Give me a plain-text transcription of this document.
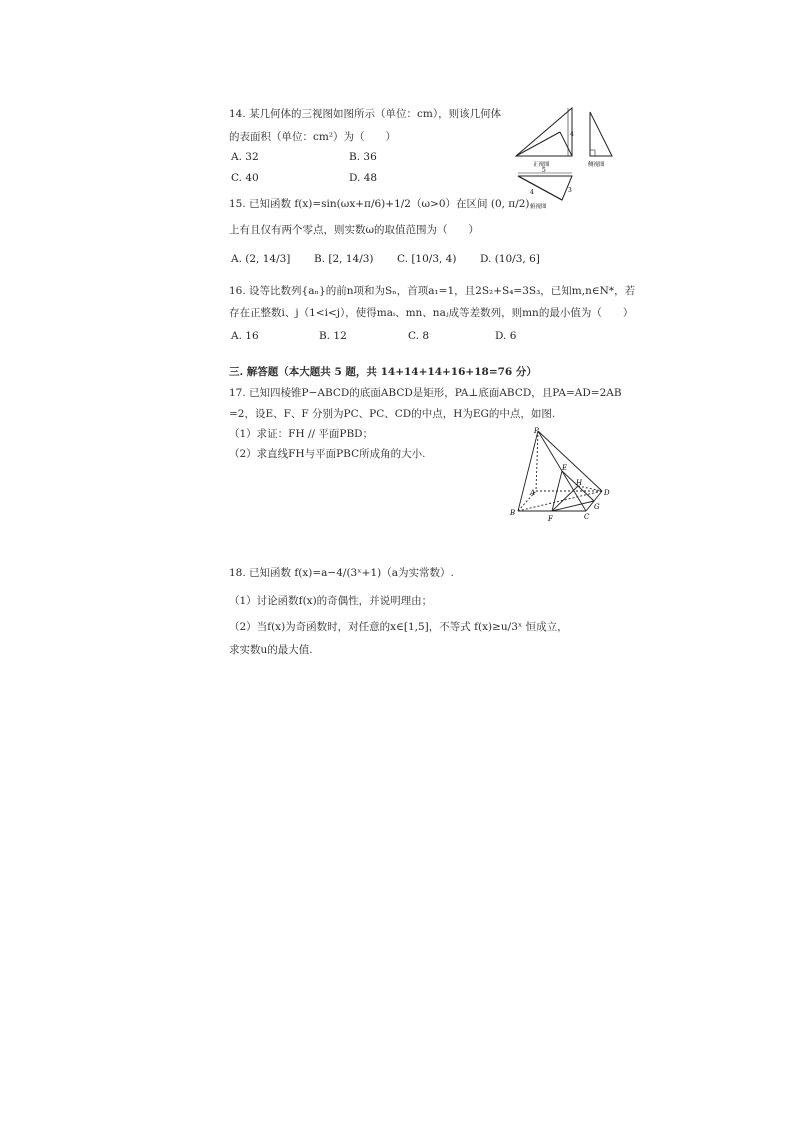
14. 某几何体的三视图如图所示（单位：cm），则该几何体
的表面积（单位：cm²）为（　　）
A. 32	B. 36
C. 40	D. 48
4
正视图	侧视图
5
4	3
俯视图
15. 已知函数 f(x)=sin(ωx+π/6)+1/2（ω>0）在区间 (0, π/2)
上有且仅有两个零点，则实数ω的取值范围为（　　）
A. (2, 14/3] B. [2, 14/3) C. [10/3, 4) D. (10/3, 6]
16. 设等比数列{aₙ}的前n项和为Sₙ，首项a₁=1，且2S₂+S₄=3S₃，已知m,n∈N*，若
存在正整数i、j（1<i<j），使得maᵢ、mn、naⱼ成等差数列，则mn的最小值为（　　）
A. 16	B. 12	C. 8	D. 6
三. 解答题（本大题共 5 题，共 14+14+14+16+18=76 分）
17. 已知四棱锥P−ABCD的底面ABCD是矩形，PA⊥底面ABCD，且PA=AD=2AB
=2，设E、F、F 分别为PC、PC、CD的中点，H为EG的中点，如图.
（1）求证：FH // 平面PBD；
（2）求直线FH与平面PBC所成角的大小.
P
A
B	C
D
E
F
G
H
18. 已知函数 f(x)=a−4/(3ˣ+1)（a为实常数）.
（1）讨论函数f(x)的奇偶性，并说明理由；
（2）当f(x)为奇函数时，对任意的x∈[1,5]，不等式 f(x)≥u/3ˣ 恒成立，
求实数u的最大值.
